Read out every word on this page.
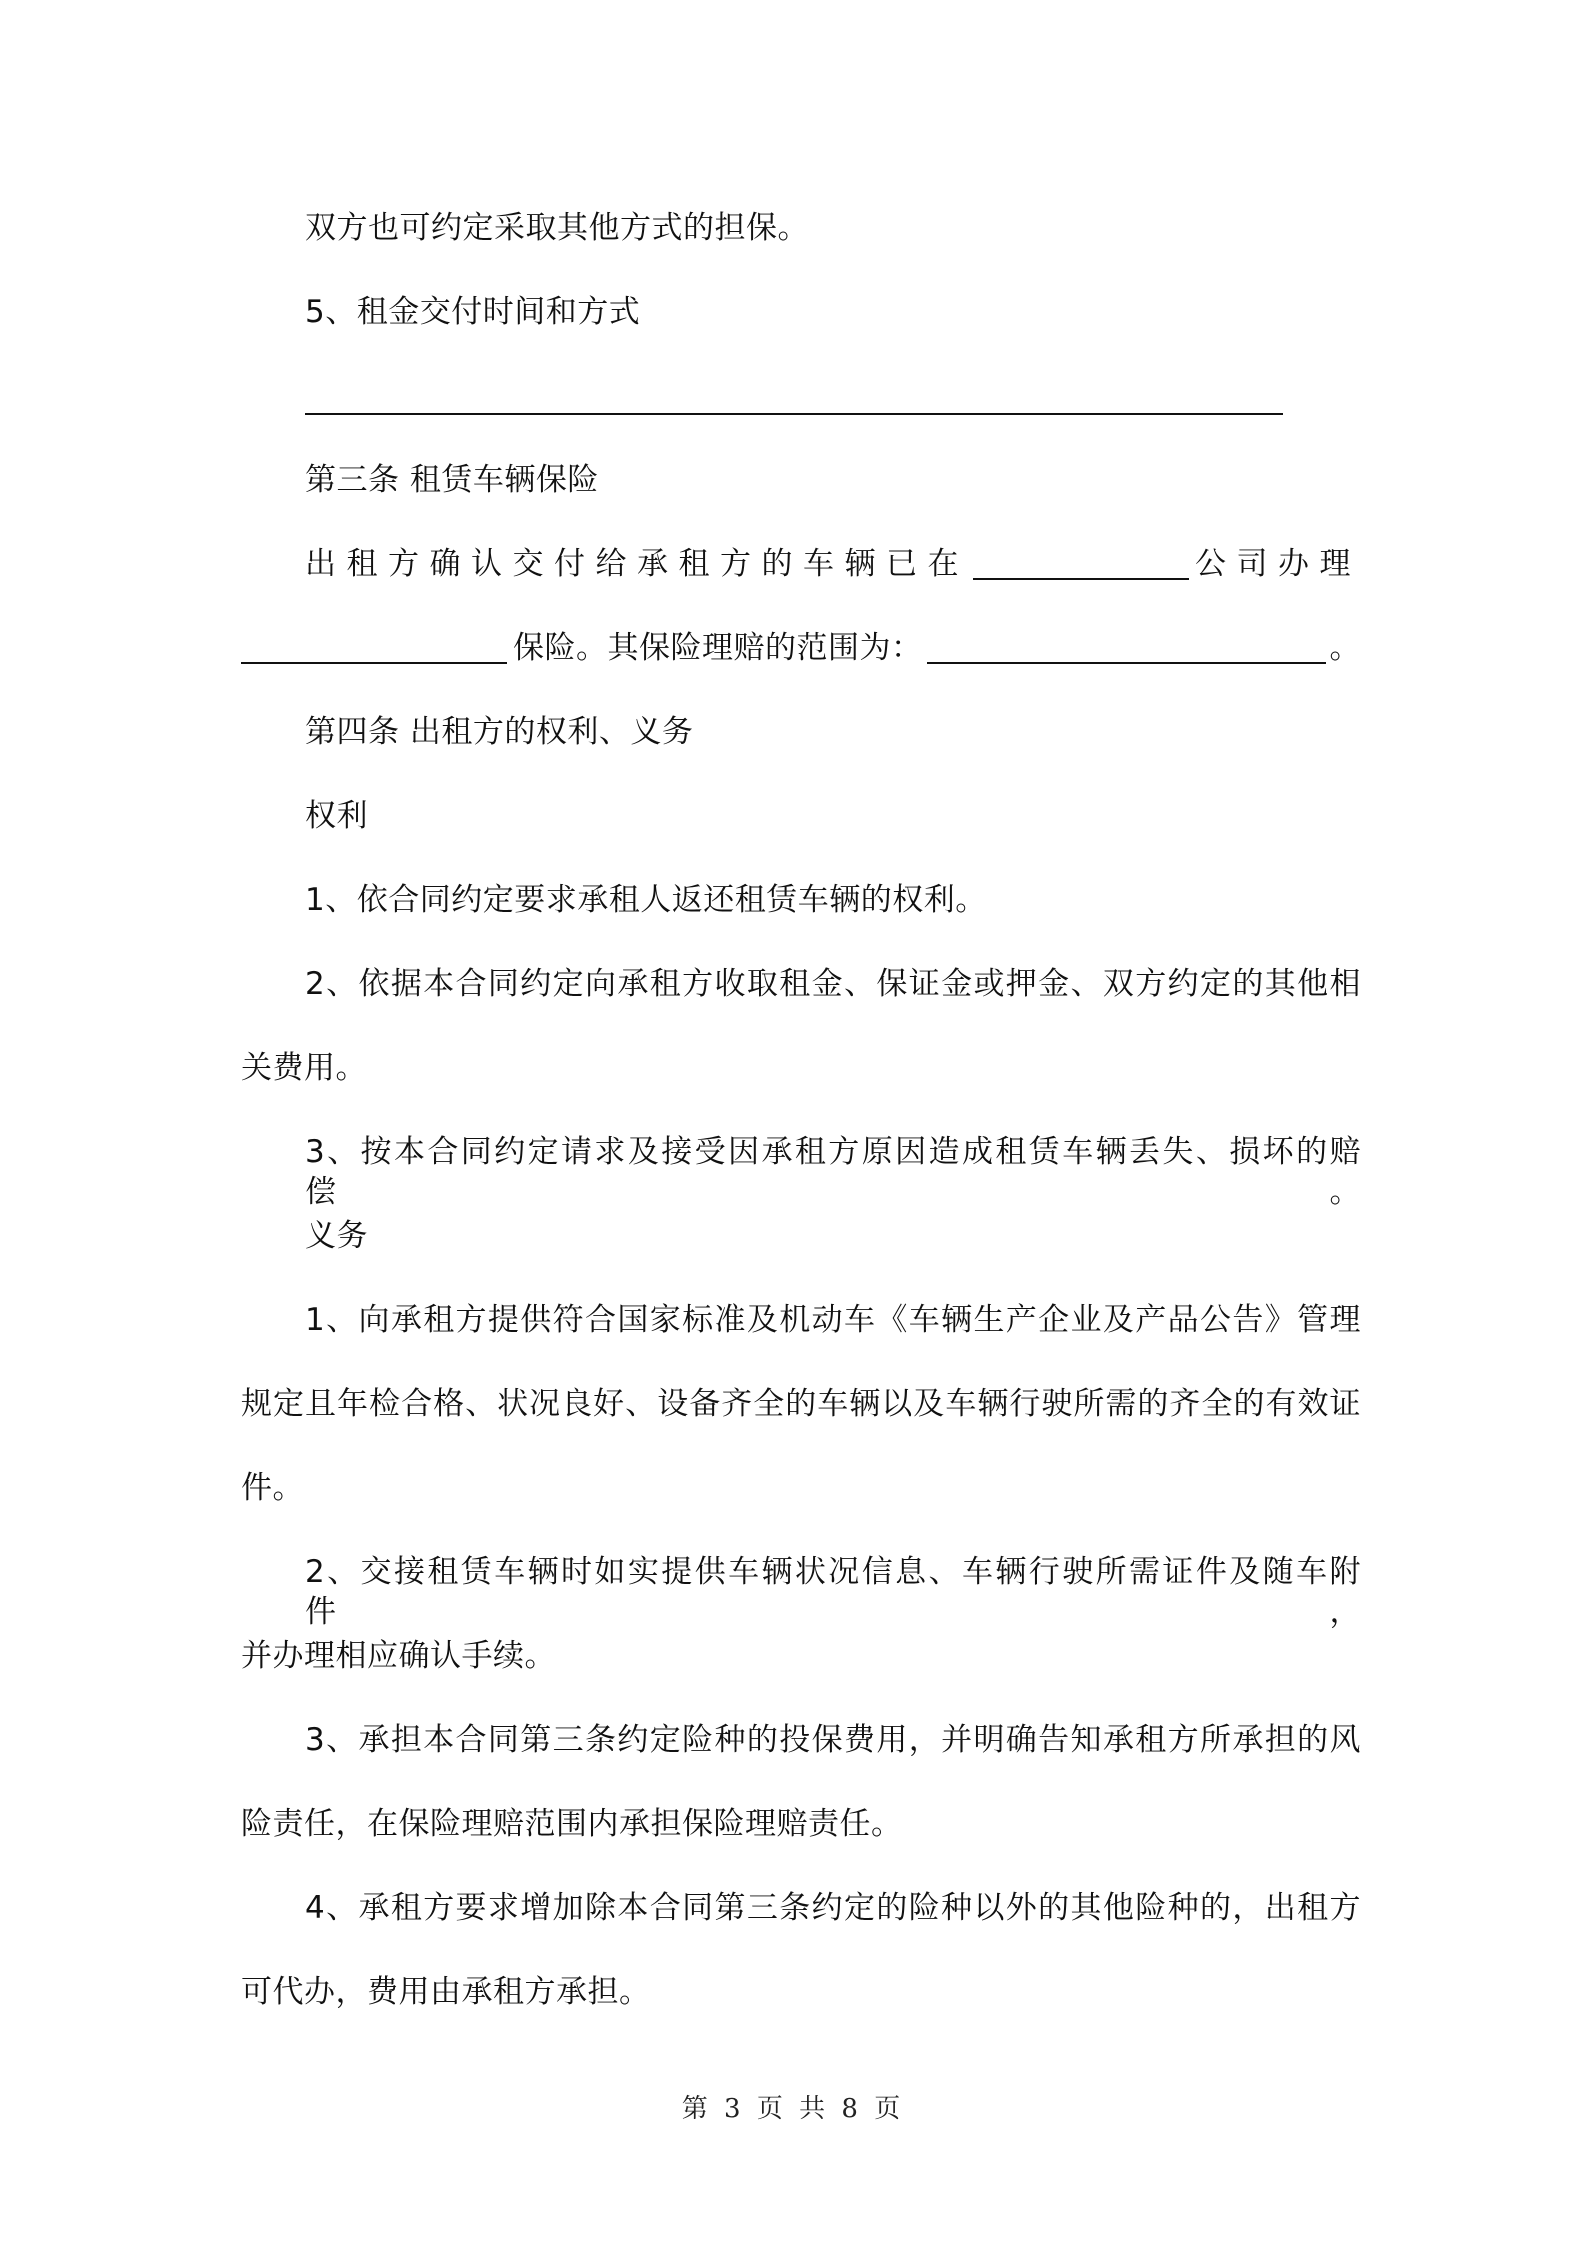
双方也可约定采取其他方式的担保。
5、租金交付时间和方式
第三条 租赁车辆保险
出租方确认交付给承租方的车辆已在	公司办理
保险。其保险理赔的范围为：	。
第四条 出租方的权利、义务
权利
1、依合同约定要求承租人返还租赁车辆的权利。
2、依据本合同约定向承租方收取租金、保证金或押金、双方约定的其他相
关费用。
3、按本合同约定请求及接受因承租方原因造成租赁车辆丢失、损坏的赔偿。
义务
1、向承租方提供符合国家标准及机动车《车辆生产企业及产品公告》管理
规定且年检合格、状况良好、设备齐全的车辆以及车辆行驶所需的齐全的有效证
件。
2、交接租赁车辆时如实提供车辆状况信息、车辆行驶所需证件及随车附件，
并办理相应确认手续。
3、承担本合同第三条约定险种的投保费用，并明确告知承租方所承担的风
险责任，在保险理赔范围内承担保险理赔责任。
4、承租方要求增加除本合同第三条约定的险种以外的其他险种的，出租方
可代办，费用由承租方承担。
第 3 页 共 8 页
